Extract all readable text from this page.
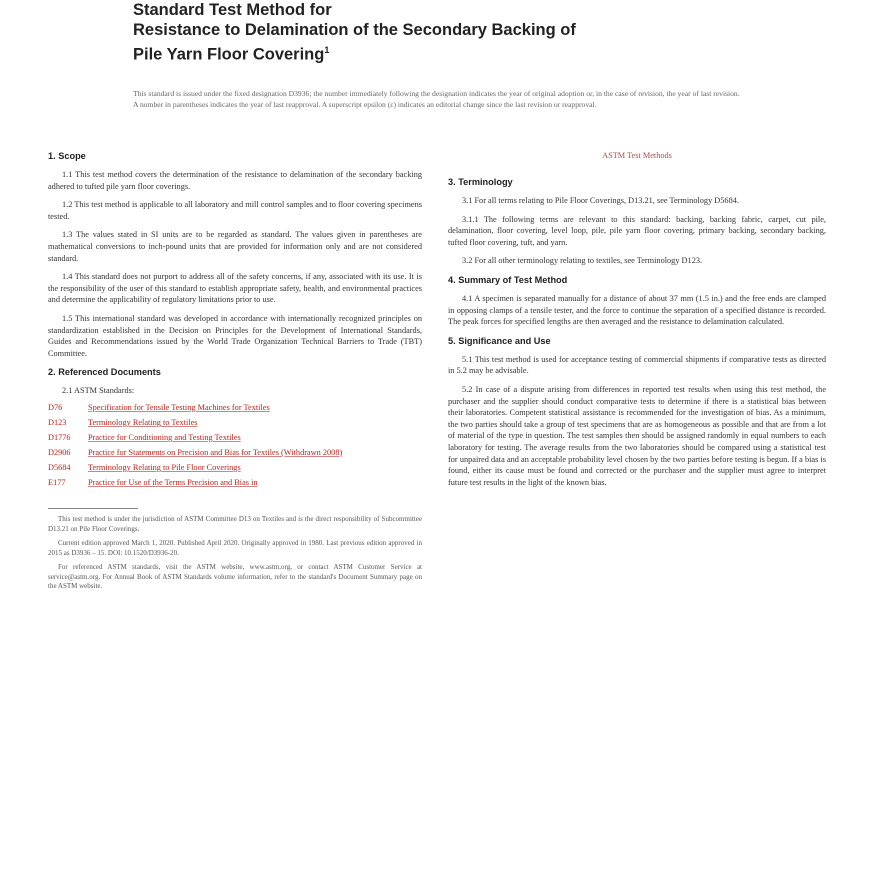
Standard Test Method for
Resistance to Delamination of the Secondary Backing of
Pile Yarn Floor Covering$^1$
This standard is issued under the fixed designation D3936; the number immediately following the designation indicates the year of original adoption or, in the case of revision, the year of last revision. A number in parentheses indicates the year of last reapproval. A superscript epsilon (ε) indicates an editorial change since the last revision or reapproval.
1. Scope

1.1 This test method covers the determination of the resistance to delamination of the secondary backing adhered to tufted pile yarn floor coverings.

1.2 This test method is applicable to all laboratory and mill control samples and to floor covering specimens tested.

1.3 The values stated in SI units are to be regarded as standard. The values given in parentheses are mathematical conversions to inch-pound units that are provided for information only and are not considered standard.

1.4 This standard does not purport to address all of the safety concerns, if any, associated with its use. It is the responsibility of the user of this standard to establish appropriate safety, health, and environmental practices and determine the applicability of regulatory limitations prior to use.

1.5 This international standard was developed in accordance with internationally recognized principles on standardization established in the Decision on Principles for the Development of International Standards, Guides and Recommendations issued by the World Trade Organization Technical Barriers to Trade (TBT) Committee.

2. Referenced Documents

2.1 ASTM Standards:

D76	Specification for Tensile Testing Machines for Textiles
D123	Terminology Relating to Textiles
D1776	Practice for Conditioning and Testing Textiles
D2906	Practice for Statements on Precision and Bias for Textiles (Withdrawn 2008)
D5684	Terminology Relating to Pile Floor Coverings
E177	Practice for Use of the Terms Precision and Bias in

This test method is under the jurisdiction of ASTM Committee D13 on Textiles and is the direct responsibility of Subcommittee D13.21 on Pile Floor Coverings.

Current edition approved March 1, 2020. Published April 2020. Originally approved in 1980. Last previous edition approved in 2015 as D3936 – 15. DOI: 10.1520/D3936-20.

For referenced ASTM standards, visit the ASTM website, www.astm.org, or contact ASTM Customer Service at service@astm.org. For Annual Book of ASTM Standards volume information, refer to the standard's Document Summary page on the ASTM website.

ASTM Test Methods
3. Terminology

3.1 For all terms relating to Pile Floor Coverings, D13.21, see Terminology D5684.

3.1.1 The following terms are relevant to this standard: backing, backing fabric, carpet, cut pile, delamination, floor covering, level loop, pile, pile yarn floor covering, primary backing, secondary backing, tufted floor covering, tuft, and yarn.

3.2 For all other terminology relating to textiles, see Terminology D123.

4. Summary of Test Method

4.1 A specimen is separated manually for a distance of about 37 mm (1.5 in.) and the free ends are clamped in opposing clamps of a tensile tester, and the force to continue the separation of a specified distance is recorded. The peak forces for specified lengths are then averaged and the resistance to delamination calculated.

5. Significance and Use

5.1 This test method is used for acceptance testing of commercial shipments if comparative tests as directed in 5.2 may be advisable.

5.2 In case of a dispute arising from differences in reported test results when using this test method, the purchaser and the supplier should conduct comparative tests to determine if there is a statistical bias between their laboratories. Competent statistical assistance is recommended for the investigation of bias. As a minimum, the two parties should take a group of test specimens that are as homogeneous as possible and that are from a lot of material of the type in question. The test samples then should be assigned randomly in equal numbers to each laboratory for testing. The average results from the two laboratories should be compared using a statistical test for unpaired data and an acceptable probability level chosen by the two parties before testing is begun. If a bias is found, either its cause must be found and corrected or the purchaser and the supplier must agree to interpret future test results in the light of the known bias.
